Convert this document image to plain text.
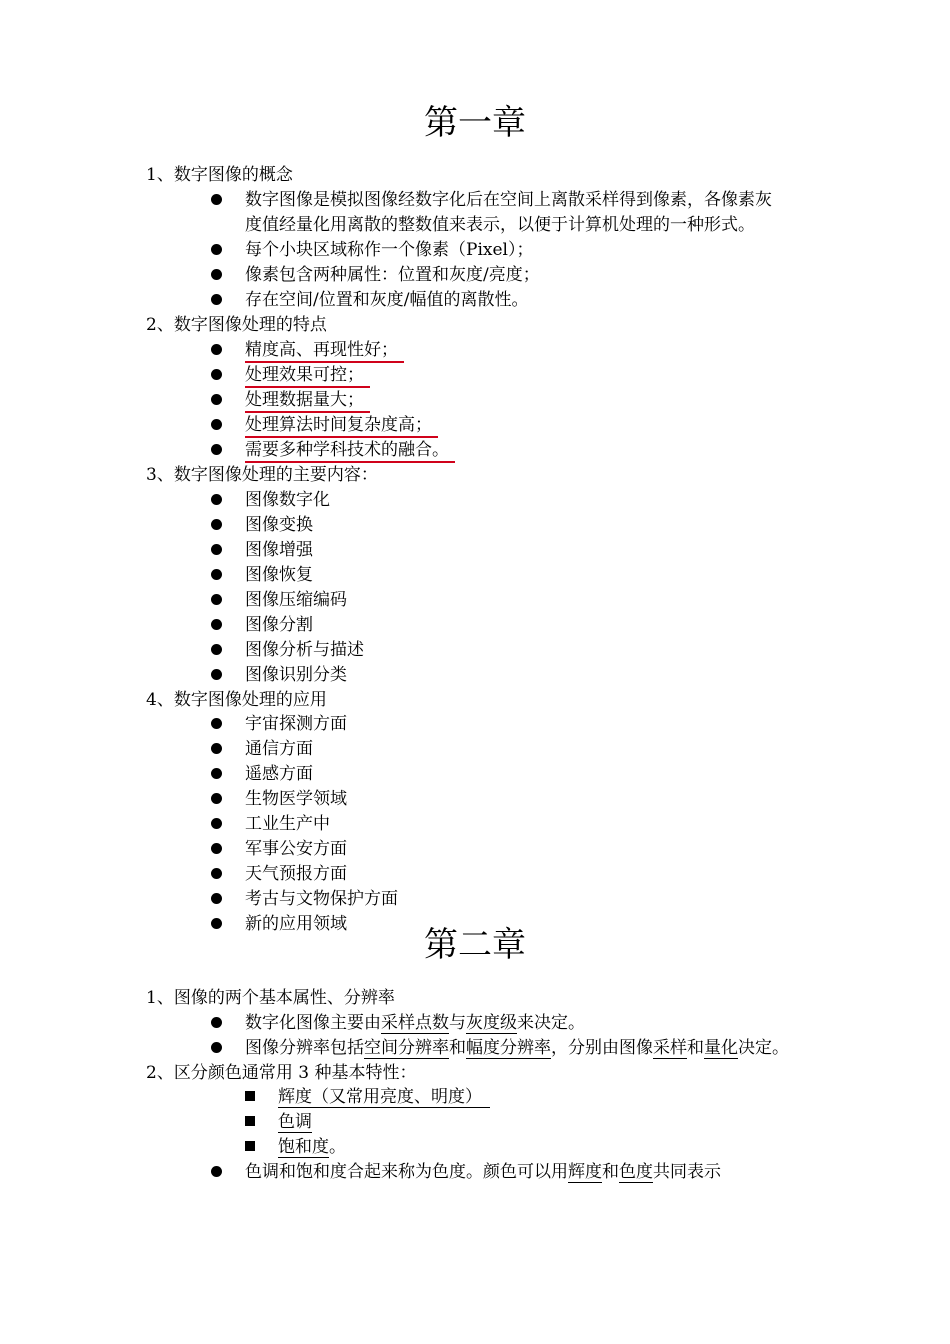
第一章
1、数字图像的概念
数字图像是模拟图像经数字化后在空间上离散采样得到像素，各像素灰
度值经量化用离散的整数值来表示，以便于计算机处理的一种形式。
每个小块区域称作一个像素（Pixel）；
像素包含两种属性：位置和灰度/亮度；
存在空间/位置和灰度/幅值的离散性。
2、数字图像处理的特点
精度高、再现性好；
处理效果可控；
处理数据量大；
处理算法时间复杂度高；
需要多种学科技术的融合。
3、数字图像处理的主要内容：
图像数字化
图像变换
图像增强
图像恢复
图像压缩编码
图像分割
图像分析与描述
图像识别分类
4、数字图像处理的应用
宇宙探测方面
通信方面
遥感方面
生物医学领域
工业生产中
军事公安方面
天气预报方面
考古与文物保护方面
新的应用领域
第二章
1、图像的两个基本属性、分辨率
数字化图像主要由采样点数与灰度级来决定。
图像分辨率包括空间分辨率和幅度分辨率，分别由图像采样和量化决定。
2、区分颜色通常用 3 种基本特性：
辉度（又常用亮度、明度）
色调
饱和度。
色调和饱和度合起来称为色度。颜色可以用辉度和色度共同表示
